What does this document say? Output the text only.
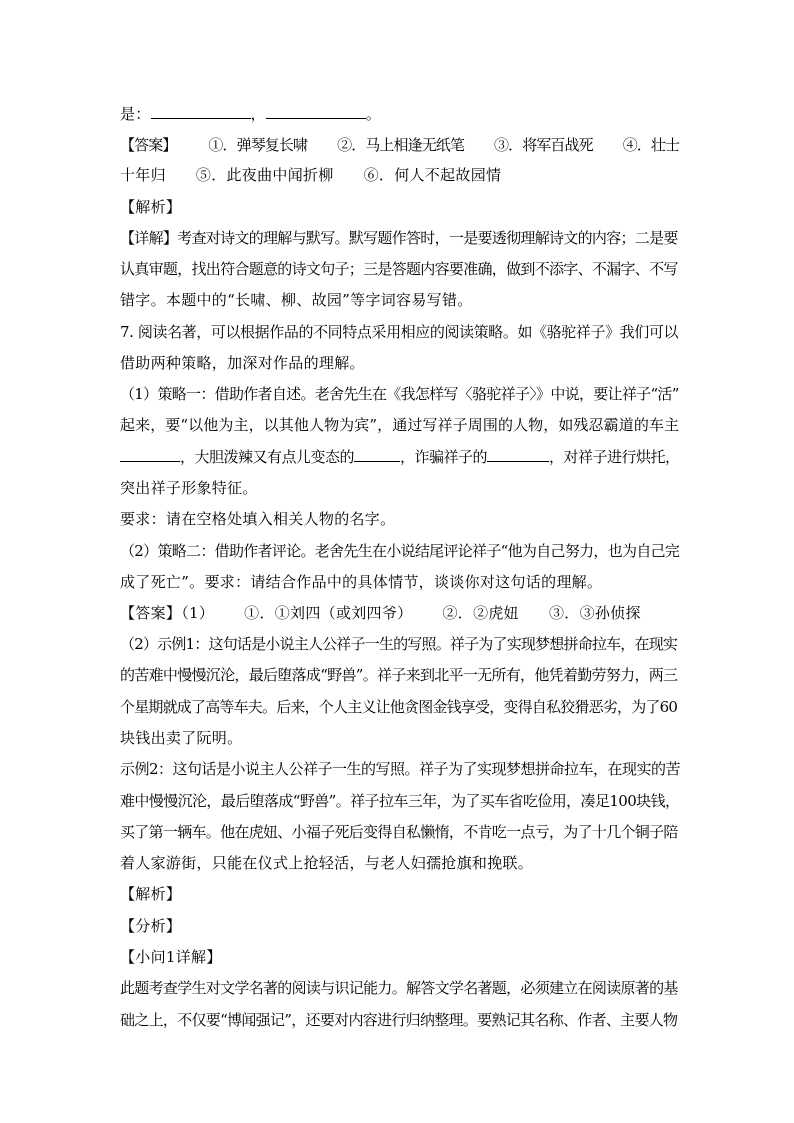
是：	，	。
【答案】 ①．弹琴复长啸 ②．马上相逢无纸笔 ③．将军百战死 ④．壮士
十年归 ⑤．此夜曲中闻折柳 ⑥．何人不起故园情
【解析】
【详解】考查对诗文的理解与默写。默写题作答时，一是要透彻理解诗文的内容；二是要
认真审题，找出符合题意的诗文句子；三是答题内容要准确，做到不添字、不漏字、不写
错字。本题中的“长啸、柳、故园”等字词容易写错。
7. 阅读名著，可以根据作品的不同特点采用相应的阅读策略。如《骆驼祥子》我们可以
借助两种策略，加深对作品的理解。
（1）策略一：借助作者自述。老舍先生在《我怎样写〈骆驼祥子〉》中说，要让祥子“活”
起来，要“以他为主，以其他人物为宾”，通过写祥子周围的人物，如残忍霸道的车主
，大胆泼辣又有点儿变态的	，诈骗祥子的	，对祥子进行烘托，
突出祥子形象特征。
要求：请在空格处填入相关人物的名字。
（2）策略二：借助作者评论。老舍先生在小说结尾评论祥子“他为自己努力，也为自己完
成了死亡”。要求：请结合作品中的具体情节，谈谈你对这句话的理解。
【答案】（1） ①．①刘四（或刘四爷） ②．②虎妞 ③．③孙侦探
（2）示例1：这句话是小说主人公祥子一生的写照。祥子为了实现梦想拼命拉车，在现实
的苦难中慢慢沉沦，最后堕落成“野兽”。祥子来到北平一无所有，他凭着勤劳努力，两三
个星期就成了高等车夫。后来，个人主义让他贪图金钱享受，变得自私狡猾恶劣，为了60
块钱出卖了阮明。
示例2：这句话是小说主人公祥子一生的写照。祥子为了实现梦想拼命拉车，在现实的苦
难中慢慢沉沦，最后堕落成“野兽”。祥子拉车三年，为了买车省吃俭用，凑足100块钱，
买了第一辆车。他在虎妞、小福子死后变得自私懒惰，不肯吃一点亏，为了十几个铜子陪
着人家游街，只能在仪式上抢轻活，与老人妇孺抢旗和挽联。
【解析】
【分析】
【小问1详解】
此题考查学生对文学名著的阅读与识记能力。解答文学名著题，必须建立在阅读原著的基
础之上，不仅要“博闻强记”，还要对内容进行归纳整理。要熟记其名称、作者、主要人物
